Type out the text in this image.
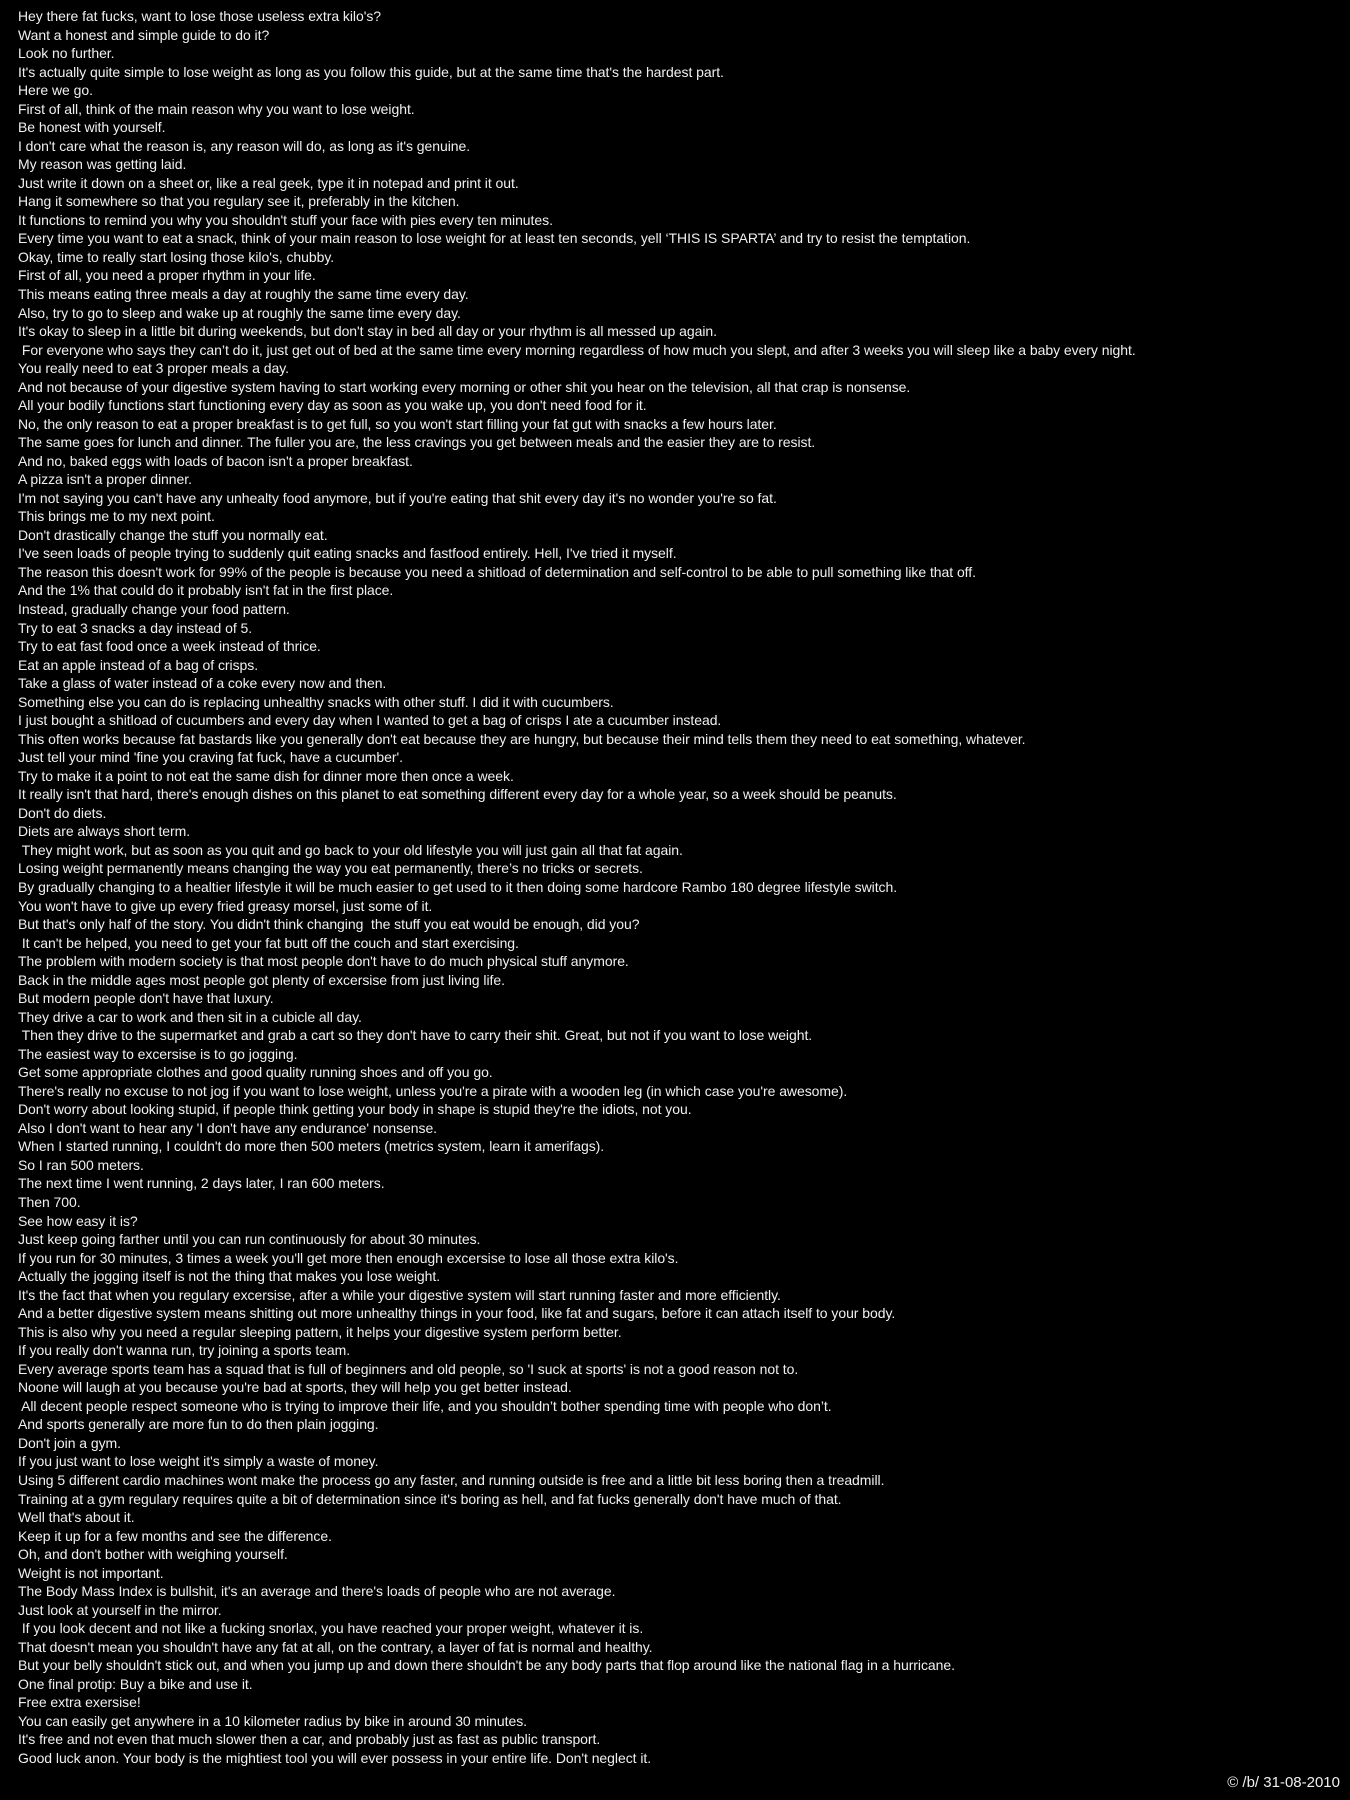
Hey there fat fucks, want to lose those useless extra kilo's?
Want a honest and simple guide to do it?
Look no further.
It's actually quite simple to lose weight as long as you follow this guide, but at the same time that's the hardest part.
Here we go.
First of all, think of the main reason why you want to lose weight.
Be honest with yourself.
I don't care what the reason is, any reason will do, as long as it's genuine.
My reason was getting laid.
Just write it down on a sheet or, like a real geek, type it in notepad and print it out.
Hang it somewhere so that you regulary see it, preferably in the kitchen.
It functions to remind you why you shouldn't stuff your face with pies every ten minutes.
Every time you want to eat a snack, think of your main reason to lose weight for at least ten seconds, yell ‘THIS IS SPARTA’ and try to resist the temptation.
Okay, time to really start losing those kilo's, chubby.
First of all, you need a proper rhythm in your life.
This means eating three meals a day at roughly the same time every day.
Also, try to go to sleep and wake up at roughly the same time every day.
It's okay to sleep in a little bit during weekends, but don't stay in bed all day or your rhythm is all messed up again.
For everyone who says they can’t do it, just get out of bed at the same time every morning regardless of how much you slept, and after 3 weeks you will sleep like a baby every night.
You really need to eat 3 proper meals a day.
And not because of your digestive system having to start working every morning or other shit you hear on the television, all that crap is nonsense.
All your bodily functions start functioning every day as soon as you wake up, you don't need food for it.
No, the only reason to eat a proper breakfast is to get full, so you won't start filling your fat gut with snacks a few hours later.
The same goes for lunch and dinner. The fuller you are, the less cravings you get between meals and the easier they are to resist.
And no, baked eggs with loads of bacon isn't a proper breakfast.
A pizza isn't a proper dinner.
I'm not saying you can't have any unhealty food anymore, but if you're eating that shit every day it's no wonder you're so fat.
This brings me to my next point.
Don't drastically change the stuff you normally eat.
I've seen loads of people trying to suddenly quit eating snacks and fastfood entirely. Hell, I've tried it myself.
The reason this doesn't work for 99% of the people is because you need a shitload of determination and self-control to be able to pull something like that off.
And the 1% that could do it probably isn't fat in the first place.
Instead, gradually change your food pattern.
Try to eat 3 snacks a day instead of 5.
Try to eat fast food once a week instead of thrice.
Eat an apple instead of a bag of crisps.
Take a glass of water instead of a coke every now and then.
Something else you can do is replacing unhealthy snacks with other stuff. I did it with cucumbers.
I just bought a shitload of cucumbers and every day when I wanted to get a bag of crisps I ate a cucumber instead.
This often works because fat bastards like you generally don't eat because they are hungry, but because their mind tells them they need to eat something, whatever.
Just tell your mind 'fine you craving fat fuck, have a cucumber'.
Try to make it a point to not eat the same dish for dinner more then once a week.
It really isn't that hard, there's enough dishes on this planet to eat something different every day for a whole year, so a week should be peanuts.
Don't do diets.
Diets are always short term.
They might work, but as soon as you quit and go back to your old lifestyle you will just gain all that fat again.
Losing weight permanently means changing the way you eat permanently, there’s no tricks or secrets.
By gradually changing to a healtier lifestyle it will be much easier to get used to it then doing some hardcore Rambo 180 degree lifestyle switch.
You won't have to give up every fried greasy morsel, just some of it.
But that's only half of the story. You didn't think changing  the stuff you eat would be enough, did you?
It can't be helped, you need to get your fat butt off the couch and start exercising.
The problem with modern society is that most people don't have to do much physical stuff anymore.
Back in the middle ages most people got plenty of excersise from just living life.
But modern people don't have that luxury.
They drive a car to work and then sit in a cubicle all day.
Then they drive to the supermarket and grab a cart so they don't have to carry their shit. Great, but not if you want to lose weight.
The easiest way to excersise is to go jogging.
Get some appropriate clothes and good quality running shoes and off you go.
There's really no excuse to not jog if you want to lose weight, unless you're a pirate with a wooden leg (in which case you're awesome).
Don't worry about looking stupid, if people think getting your body in shape is stupid they're the idiots, not you.
Also I don't want to hear any 'I don't have any endurance' nonsense.
When I started running, I couldn't do more then 500 meters (metrics system, learn it amerifags).
So I ran 500 meters.
The next time I went running, 2 days later, I ran 600 meters.
Then 700.
See how easy it is?
Just keep going farther until you can run continuously for about 30 minutes.
If you run for 30 minutes, 3 times a week you'll get more then enough excersise to lose all those extra kilo's.
Actually the jogging itself is not the thing that makes you lose weight.
It's the fact that when you regulary excersise, after a while your digestive system will start running faster and more efficiently.
And a better digestive system means shitting out more unhealthy things in your food, like fat and sugars, before it can attach itself to your body.
This is also why you need a regular sleeping pattern, it helps your digestive system perform better.
If you really don't wanna run, try joining a sports team.
Every average sports team has a squad that is full of beginners and old people, so 'I suck at sports' is not a good reason not to.
Noone will laugh at you because you're bad at sports, they will help you get better instead.
All decent people respect someone who is trying to improve their life, and you shouldn’t bother spending time with people who don’t.
And sports generally are more fun to do then plain jogging.
Don't join a gym.
If you just want to lose weight it's simply a waste of money.
Using 5 different cardio machines wont make the process go any faster, and running outside is free and a little bit less boring then a treadmill.
Training at a gym regulary requires quite a bit of determination since it's boring as hell, and fat fucks generally don't have much of that.
Well that's about it.
Keep it up for a few months and see the difference.
Oh, and don't bother with weighing yourself.
Weight is not important.
The Body Mass Index is bullshit, it's an average and there's loads of people who are not average.
Just look at yourself in the mirror.
If you look decent and not like a fucking snorlax, you have reached your proper weight, whatever it is.
That doesn't mean you shouldn't have any fat at all, on the contrary, a layer of fat is normal and healthy.
But your belly shouldn't stick out, and when you jump up and down there shouldn't be any body parts that flop around like the national flag in a hurricane.
One final protip: Buy a bike and use it.
Free extra exersise!
You can easily get anywhere in a 10 kilometer radius by bike in around 30 minutes.
It's free and not even that much slower then a car, and probably just as fast as public transport.
Good luck anon. Your body is the mightiest tool you will ever possess in your entire life. Don't neglect it.
© /b/ 31-08-2010
